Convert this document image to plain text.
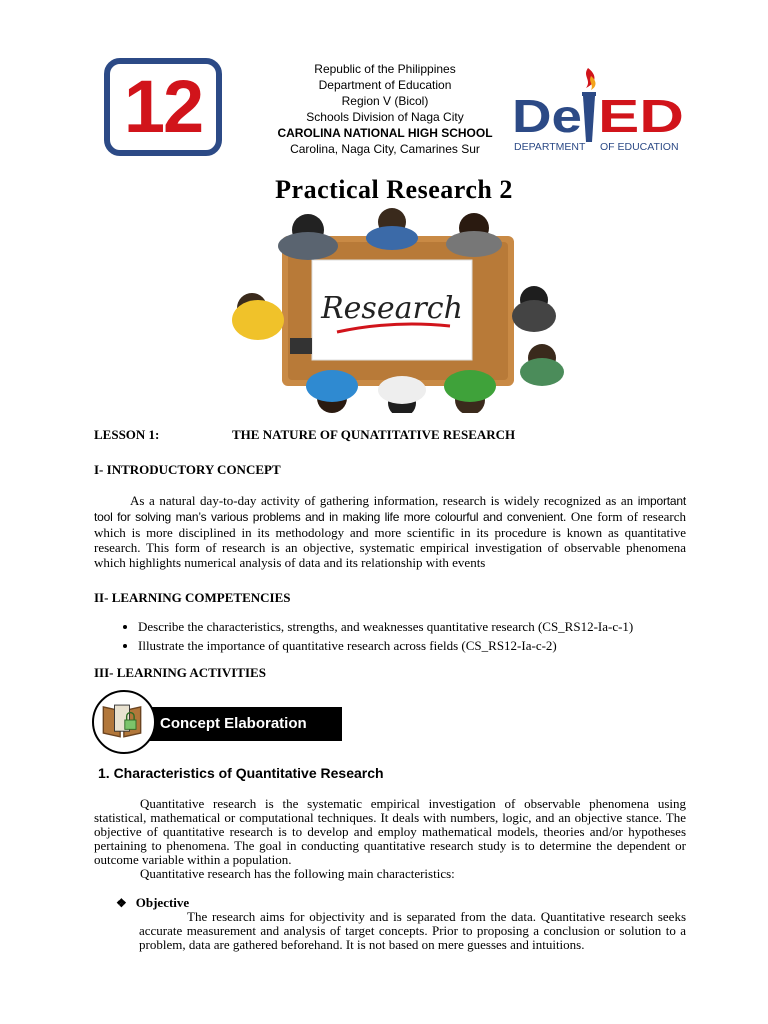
12	Republic of the Philippines
Department of Education
Region V (Bicol)
Schools Division of Naga City
CAROLINA NATIONAL HIGH SCHOOL
Carolina, Naga City, Camarines Sur
De ED
DEPARTMENT OF EDUCATION
Practical Research 2
Research
LESSON 1:	THE NATURE OF QUNATITATIVE RESEARCH
I- INTRODUCTORY CONCEPT
As a natural day-to-day activity of gathering information, research is widely recognized as an important tool for solving man’s various problems and in making life more colourful and convenient. One form of research which is more disciplined in its methodology and more scientific in its procedure is known as quantitative research. This form of research is an objective, systematic empirical investigation of observable phenomena which highlights numerical analysis of data and its relationship with events
II- LEARNING COMPETENCIES
• Describe the characteristics, strengths, and weaknesses quantitative research (CS_RS12-Ia-c-1)
• Illustrate the importance of quantitative research across fields (CS_RS12-Ia-c-2)
III- LEARNING ACTIVITIES
Concept Elaboration
1. Characteristics of Quantitative Research
Quantitative research is the systematic empirical investigation of observable phenomena using statistical, mathematical or computational techniques. It deals with numbers, logic, and an objective stance. The objective of quantitative research is to develop and employ mathematical models, theories and/or hypotheses pertaining to phenomena. The goal in conducting quantitative research study is to determine the dependent or outcome variable within a population.
Quantitative research has the following main characteristics:
❖ Objective
The research aims for objectivity and is separated from the data. Quantitative research seeks accurate measurement and analysis of target concepts. Prior to proposing a conclusion or solution to a problem, data are gathered beforehand. It is not based on mere guesses and intuitions.
